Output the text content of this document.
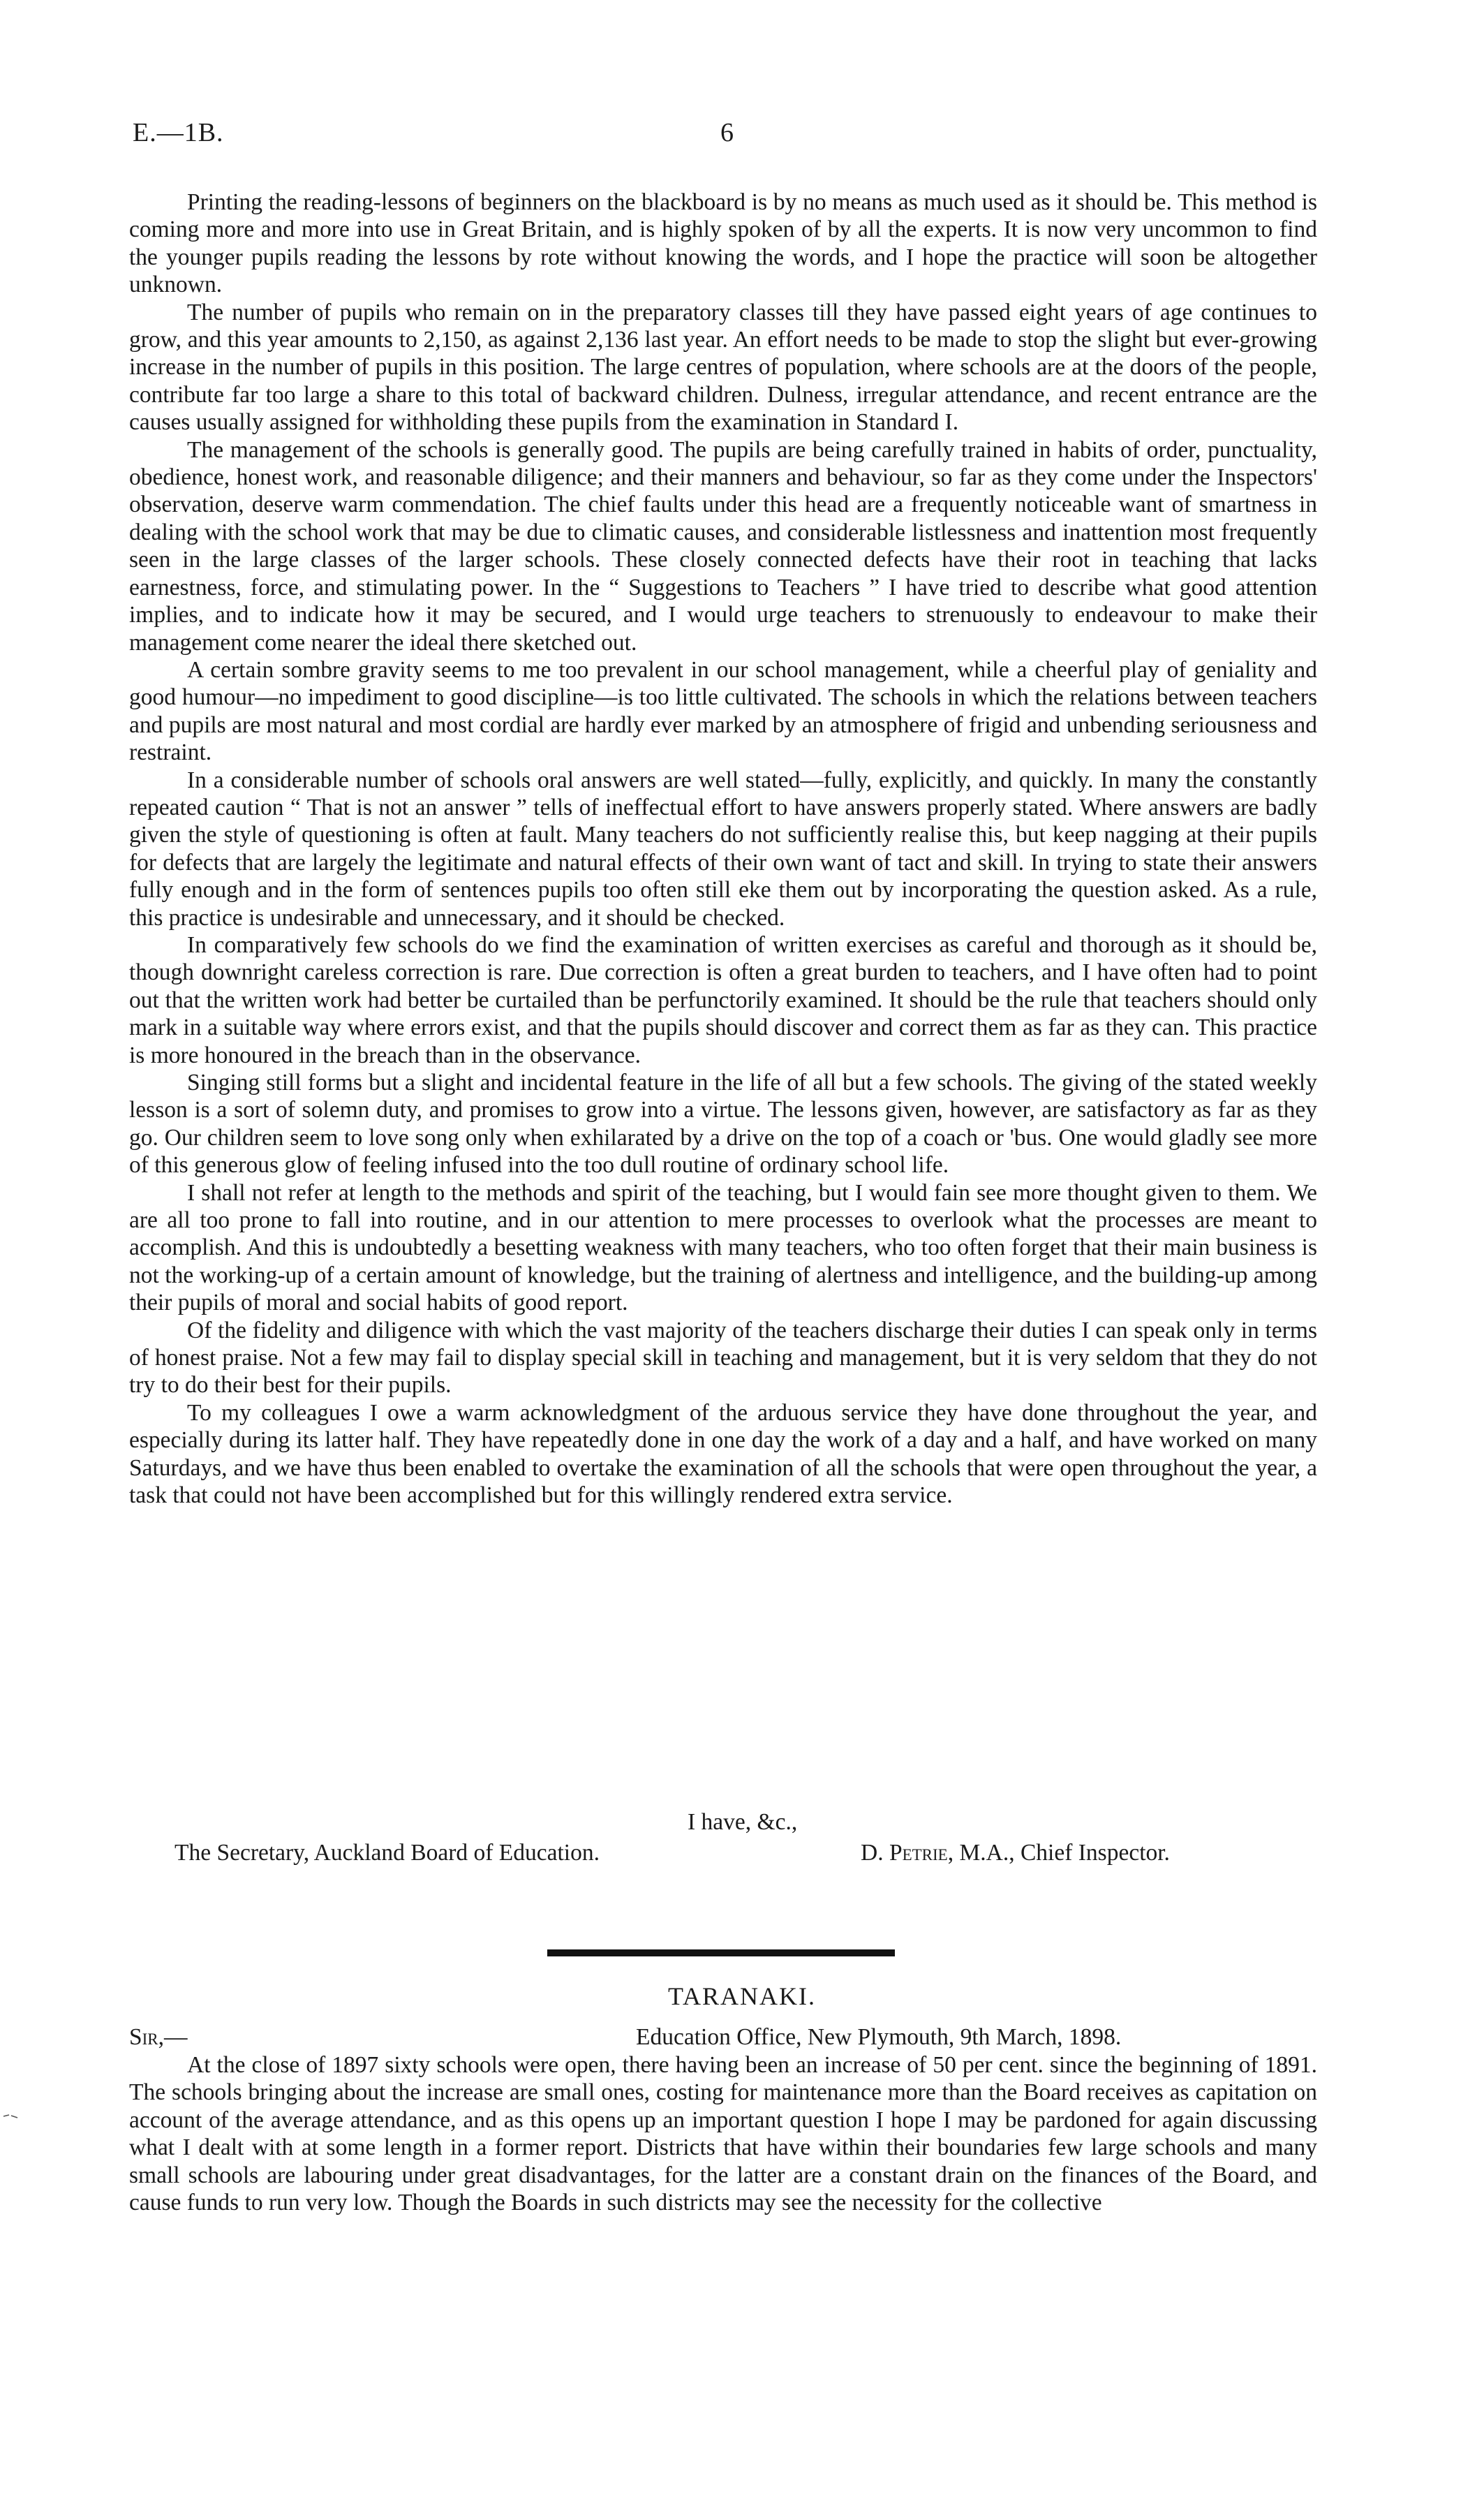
E.—1B.	6

Printing the reading-lessons of beginners on the blackboard is by no means as much used as it should be. This method is coming more and more into use in Great Britain, and is highly spoken of by all the experts. It is now very uncommon to find the younger pupils reading the lessons by rote without knowing the words, and I hope the practice will soon be altogether unknown.

The number of pupils who remain on in the preparatory classes till they have passed eight years of age continues to grow, and this year amounts to 2,150, as against 2,136 last year. An effort needs to be made to stop the slight but ever-growing increase in the number of pupils in this position. The large centres of population, where schools are at the doors of the people, contribute far too large a share to this total of backward children. Dulness, irregular attendance, and recent entrance are the causes usually assigned for withholding these pupils from the examination in Standard I.

The management of the schools is generally good. The pupils are being carefully trained in habits of order, punctuality, obedience, honest work, and reasonable diligence; and their manners and behaviour, so far as they come under the Inspectors' observation, deserve warm commendation. The chief faults under this head are a frequently noticeable want of smartness in dealing with the school work that may be due to climatic causes, and considerable listlessness and inattention most frequently seen in the large classes of the larger schools. These closely connected defects have their root in teaching that lacks earnestness, force, and stimulating power. In the “ Suggestions to Teachers ” I have tried to describe what good attention implies, and to indicate how it may be secured, and I would urge teachers to strenuously to endeavour to make their management come nearer the ideal there sketched out.

A certain sombre gravity seems to me too prevalent in our school management, while a cheerful play of geniality and good humour—no impediment to good discipline—is too little cultivated. The schools in which the relations between teachers and pupils are most natural and most cordial are hardly ever marked by an atmosphere of frigid and unbending seriousness and restraint.

In a considerable number of schools oral answers are well stated—fully, explicitly, and quickly. In many the constantly repeated caution “ That is not an answer ” tells of ineffectual effort to have answers properly stated. Where answers are badly given the style of questioning is often at fault. Many teachers do not sufficiently realise this, but keep nagging at their pupils for defects that are largely the legitimate and natural effects of their own want of tact and skill. In trying to state their answers fully enough and in the form of sentences pupils too often still eke them out by incorporating the question asked. As a rule, this practice is undesirable and unnecessary, and it should be checked.

In comparatively few schools do we find the examination of written exercises as careful and thorough as it should be, though downright careless correction is rare. Due correction is often a great burden to teachers, and I have often had to point out that the written work had better be curtailed than be perfunctorily examined. It should be the rule that teachers should only mark in a suitable way where errors exist, and that the pupils should discover and correct them as far as they can. This practice is more honoured in the breach than in the observance.

Singing still forms but a slight and incidental feature in the life of all but a few schools. The giving of the stated weekly lesson is a sort of solemn duty, and promises to grow into a virtue. The lessons given, however, are satisfactory as far as they go. Our children seem to love song only when exhilarated by a drive on the top of a coach or 'bus. One would gladly see more of this generous glow of feeling infused into the too dull routine of ordinary school life.

I shall not refer at length to the methods and spirit of the teaching, but I would fain see more thought given to them. We are all too prone to fall into routine, and in our attention to mere processes to overlook what the processes are meant to accomplish. And this is undoubtedly a besetting weakness with many teachers, who too often forget that their main business is not the working-up of a certain amount of knowledge, but the training of alertness and intelligence, and the building-up among their pupils of moral and social habits of good report.

Of the fidelity and diligence with which the vast majority of the teachers discharge their duties I can speak only in terms of honest praise. Not a few may fail to display special skill in teaching and management, but it is very seldom that they do not try to do their best for their pupils.

To my colleagues I owe a warm acknowledgment of the arduous service they have done throughout the year, and especially during its latter half. They have repeatedly done in one day the work of a day and a half, and have worked on many Saturdays, and we have thus been enabled to overtake the examination of all the schools that were open throughout the year, a task that could not have been accomplished but for this willingly rendered extra service.

I have, &c.,
The Secretary, Auckland Board of Education.	D. Petrie, M.A., Chief Inspector.
TARANAKI.
Sir,—	Education Office, New Plymouth, 9th March, 1898.

At the close of 1897 sixty schools were open, there having been an increase of 50 per cent. since the beginning of 1891. The schools bringing about the increase are small ones, costing for maintenance more than the Board receives as capitation on account of the average attendance, and as this opens up an important question I hope I may be pardoned for again discussing what I dealt with at some length in a former report. Districts that have within their boundaries few large schools and many small schools are labouring under great disadvantages, for the latter are a constant drain on the finances of the Board, and cause funds to run very low. Though the Boards in such districts may see the necessity for the collective
